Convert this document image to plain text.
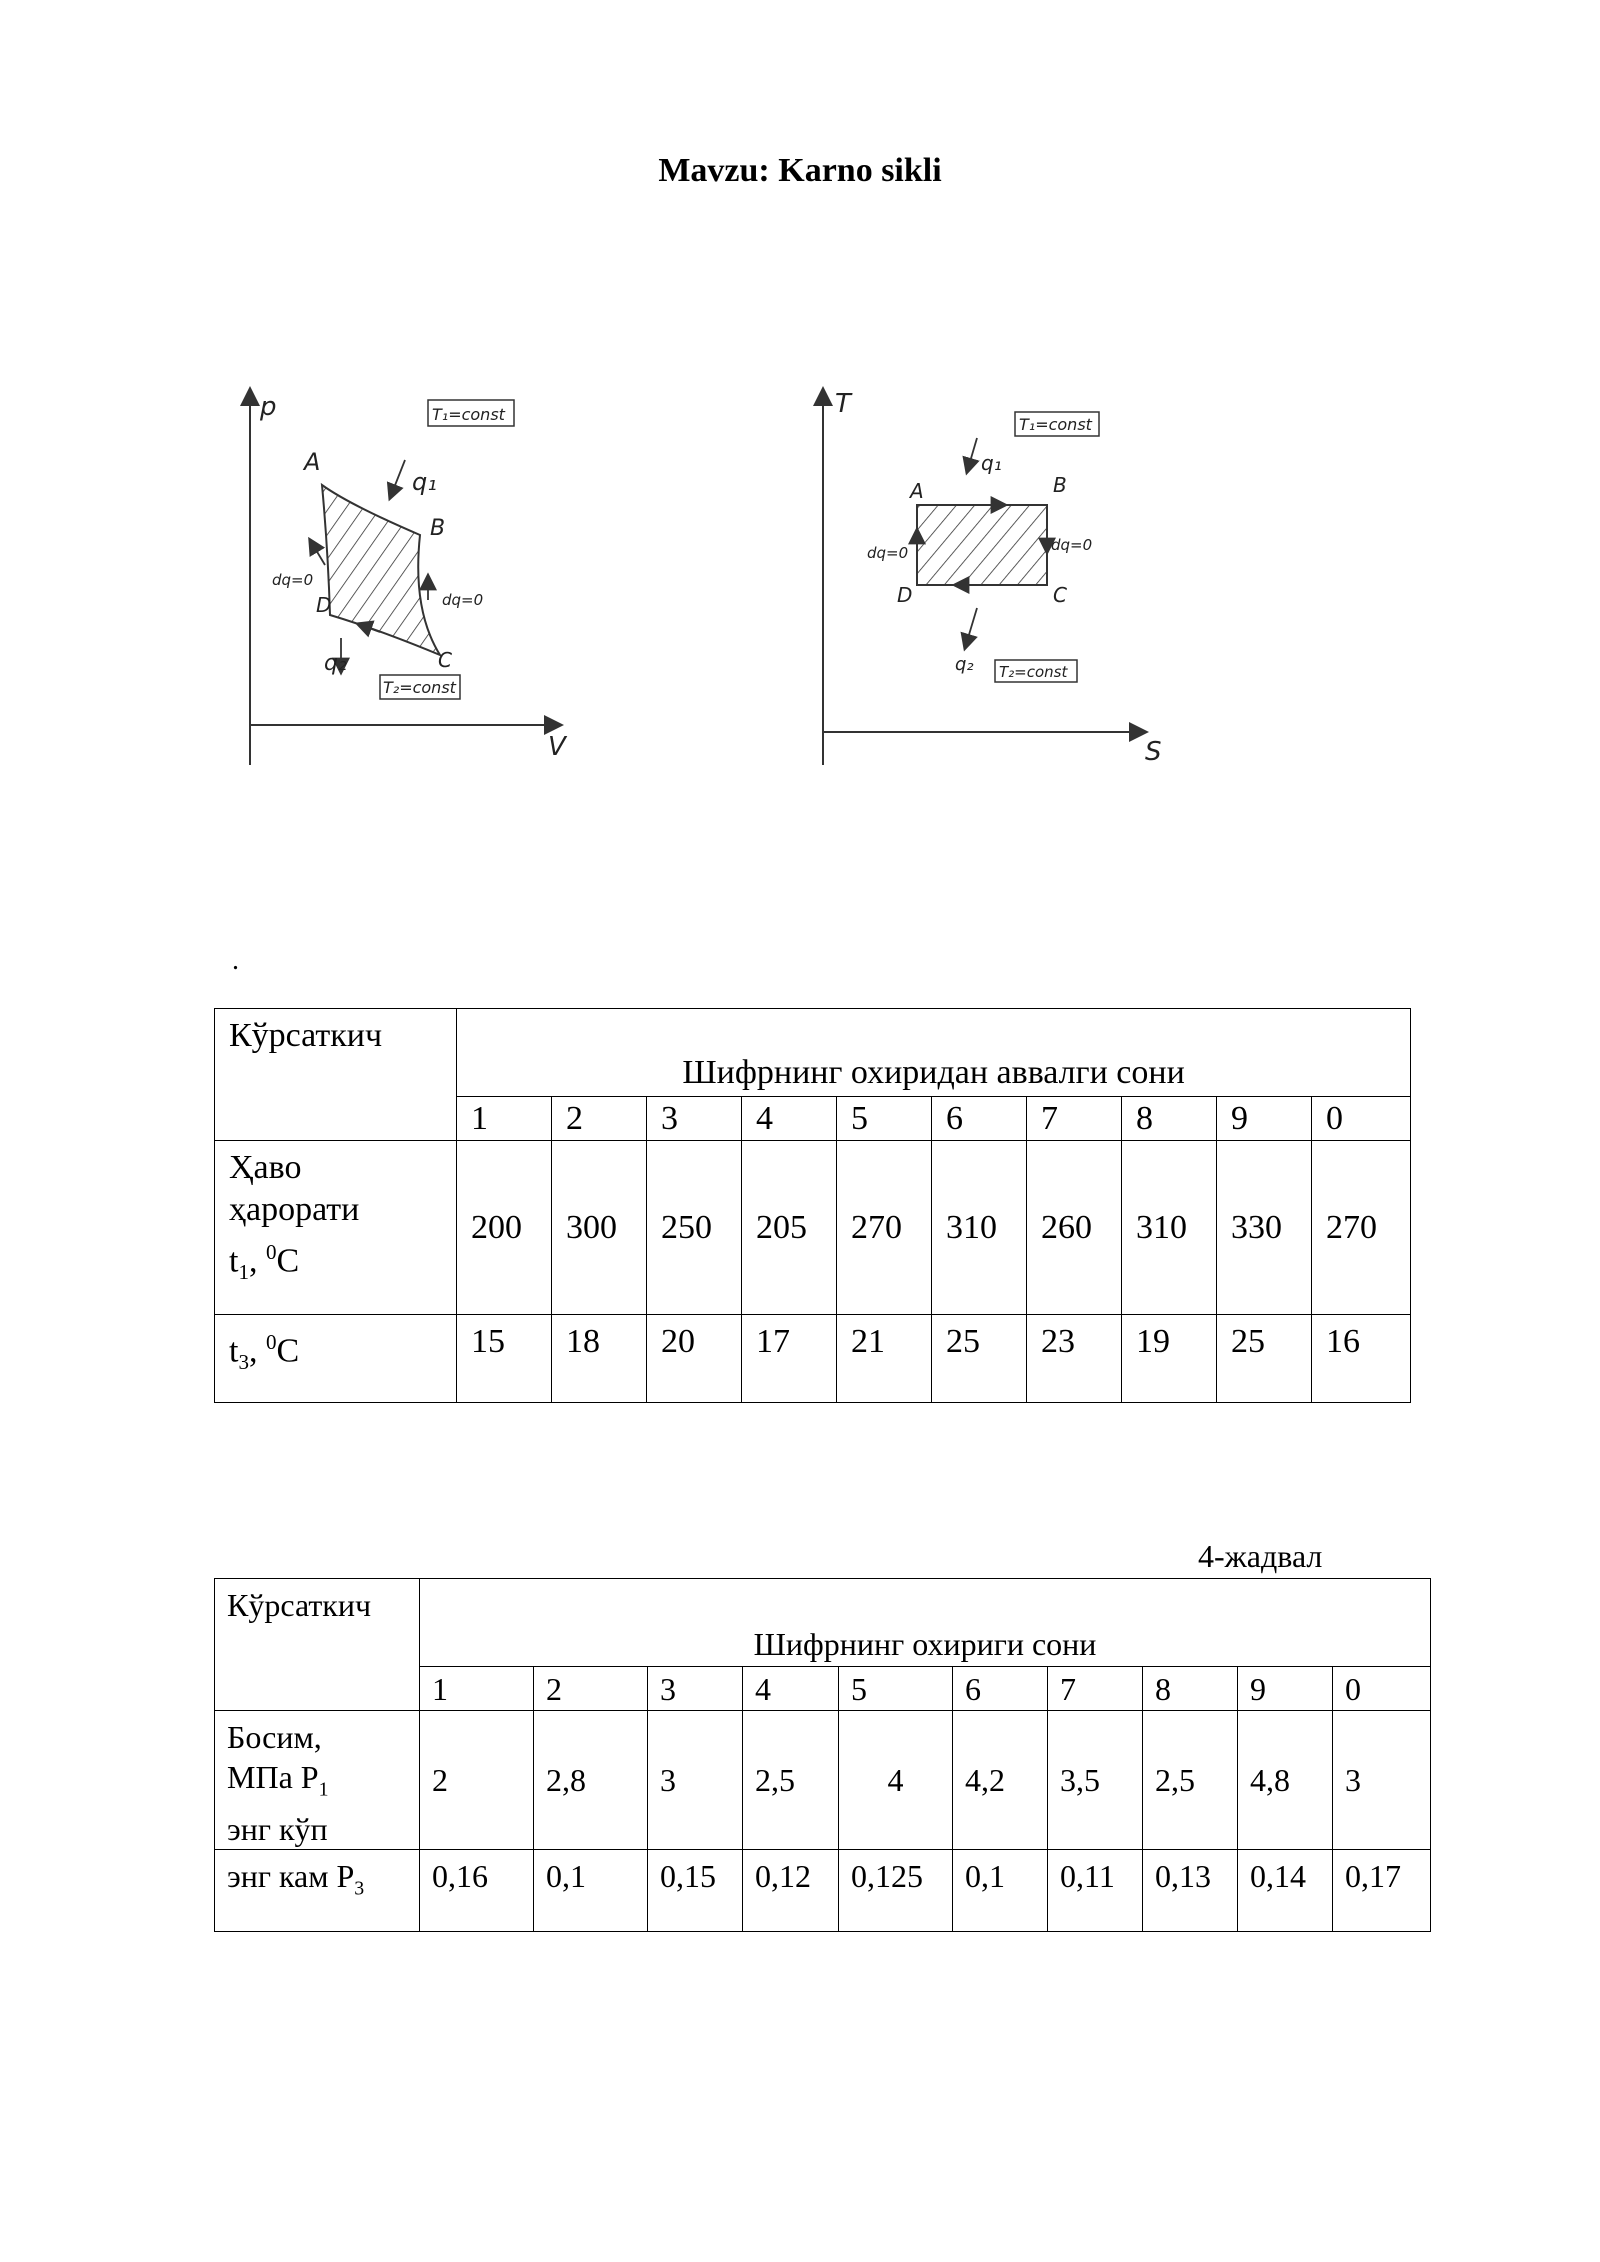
Mavzu: Karno sikli
p
V
A
B
C
D
T₁=const
T₂=const
q₁
q₂
dq=0
dq=0
T
S
A	B
C
D
T₁=const
T₂=const
q₁
q₂
dq=0	dq=0
.
Кўрсаткич	Шифрнинг охиридан аввалги сони									
	1	2	3	4	5	6	7	8	9	0
Ҳаво
ҳарорати
$t_1$, $^0$C	200	300	250	205	270	310	260	310	330	270
$t_3$, $^0$C	15	18	20	17	21	25	23	19	25	16
4-жадвал
Кўрсаткич	Шифрнинг охириги сони									
	1	2	3	4	5	6	7	8	9	0
Босим,
МПа $Р_1$
энг кўп	2	2,8	3	2,5	4	4,2	3,5	2,5	4,8	3
энг кам $Р_3$	0,16	0,1	0,15	0,12	0,125	0,1	0,11	0,13	0,14	0,17
